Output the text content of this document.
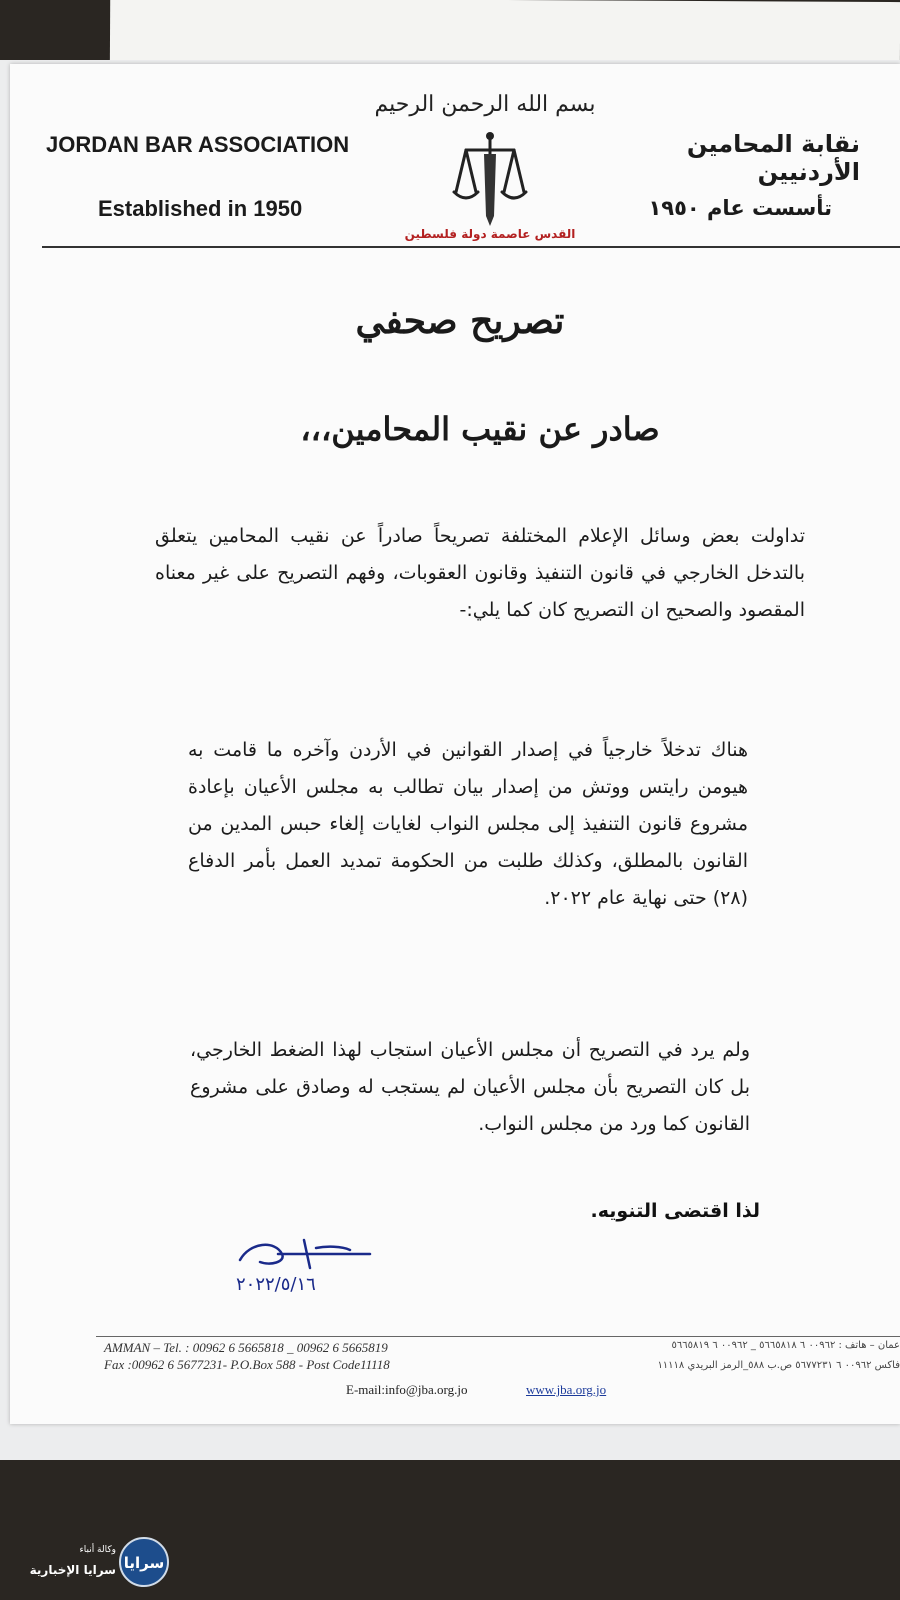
JORDAN BAR ASSOCIATION
Established in 1950
نقابة المحامين الأردنيين
تأسست عام ١٩٥٠
بسم الله الرحمن الرحيم
القدس عاصمة دولة فلسطين
تصريح صحفي
صادر عن نقيب المحامين،،،
تداولت بعض وسائل الإعلام المختلفة تصريحاً صادراً عن نقيب المحامين يتعلق بالتدخل الخارجي في قانون التنفيذ وقانون العقوبات، وفهم التصريح على غير معناه المقصود والصحيح ان التصريح كان كما يلي:-
هناك تدخلاً خارجياً في إصدار القوانين في الأردن وآخره ما قامت به هيومن رايتس ووتش من إصدار بيان تطالب به مجلس الأعيان بإعادة مشروع قانون التنفيذ إلى مجلس النواب لغايات إلغاء حبس المدين من القانون بالمطلق، وكذلك طلبت من الحكومة تمديد العمل بأمر الدفاع (٢٨) حتى نهاية عام ٢٠٢٢.
ولم يرد في التصريح أن مجلس الأعيان استجاب لهذا الضغط الخارجي، بل كان التصريح بأن مجلس الأعيان لم يستجب له وصادق على مشروع القانون كما ورد من مجلس النواب.
لذا اقتضى التنويه.
٢٠٢٢/٥/١٦
AMMAN – Tel. : 00962 6 5665818 _ 00962 6 5665819
Fax :00962 6 5677231- P.O.Box 588 - Post Code11118
عمان – هاتف : ٠٠٩٦٢ ٦ ٥٦٦٥٨١٨ _ ٠٠٩٦٢ ٦ ٥٦٦٥٨١٩
فاكس ٠٠٩٦٢ ٦ ٥٦٧٧٢٣١ ص.ب ٥٨٨_الرمز البريدي ١١١١٨
E-mail:info@jba.org.jo	www.jba.org.jo
سرايا
وكالة أنباء
سرايا الإخبارية
